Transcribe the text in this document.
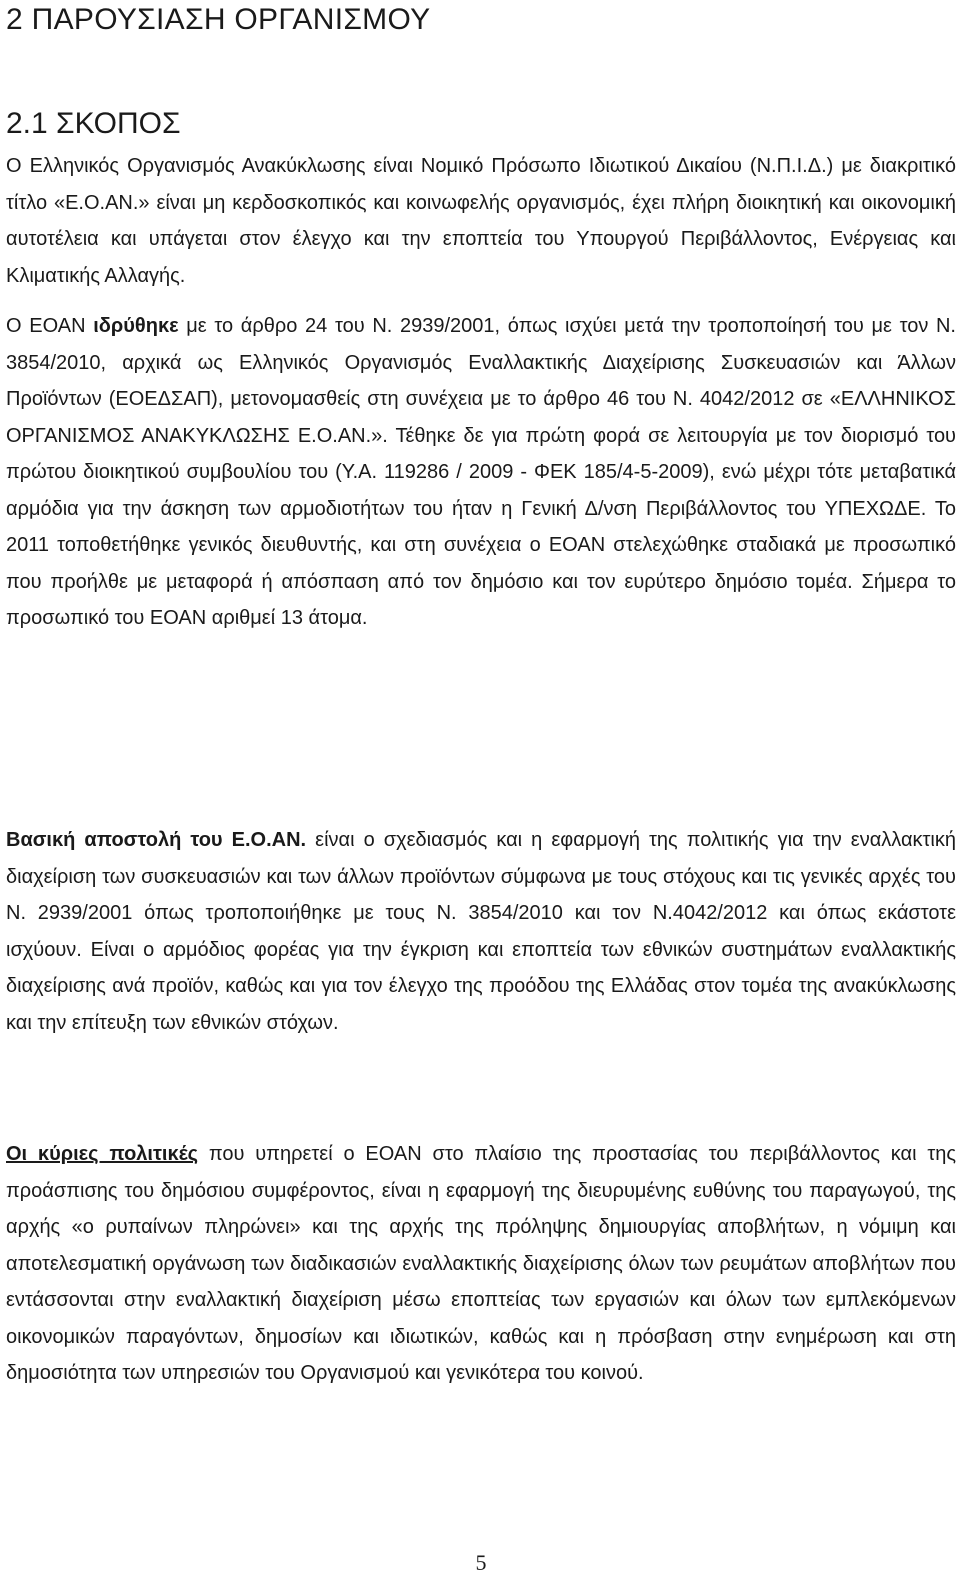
2 ΠΑΡΟΥΣΙΑΣΗ ΟΡΓΑΝΙΣΜΟΥ
2.1 ΣΚΟΠΟΣ

Ο Ελληνικός Οργανισμός Ανακύκλωσης είναι Νομικό Πρόσωπο Ιδιωτικού Δικαίου (Ν.Π.Ι.Δ.) με διακριτικό τίτλο «Ε.Ο.ΑΝ.» είναι μη κερδοσκοπικός και κοινωφελής οργανισμός, έχει πλήρη διοικητική και οικονομική αυτοτέλεια και υπάγεται στον έλεγχο και την εποπτεία του Υπουργού Περιβάλλοντος, Ενέργειας και Κλιματικής Αλλαγής.

Ο ΕΟΑΝ ιδρύθηκε με το άρθρο 24 του Ν. 2939/2001, όπως ισχύει μετά την τροποποίησή του με τον Ν. 3854/2010, αρχικά ως Ελληνικός Οργανισμός Εναλλακτικής Διαχείρισης Συσκευασιών και Άλλων Προϊόντων (ΕΟΕΔΣΑΠ), μετονομασθείς στη συνέχεια με το άρθρο 46 του Ν. 4042/2012 σε «ΕΛΛΗΝΙΚΟΣ ΟΡΓΑΝΙΣΜΟΣ ΑΝΑΚΥΚΛΩΣΗΣ Ε.Ο.ΑΝ.». Τέθηκε δε για πρώτη φορά σε λειτουργία με τον διορισμό του πρώτου διοικητικού συμβουλίου του (Υ.Α. 119286 / 2009 - ΦΕΚ 185/4-5-2009), ενώ μέχρι τότε μεταβατικά αρμόδια για την άσκηση των αρμοδιοτήτων του ήταν η Γενική Δ/νση Περιβάλλοντος του ΥΠΕΧΩΔΕ. Το 2011 τοποθετήθηκε γενικός διευθυντής, και στη συνέχεια ο ΕΟΑΝ στελεχώθηκε σταδιακά με προσωπικό που προήλθε με μεταφορά ή απόσπαση από τον δημόσιο και τον ευρύτερο δημόσιο τομέα. Σήμερα το προσωπικό του ΕΟΑΝ αριθμεί 13 άτομα.

Βασική αποστολή του Ε.Ο.ΑΝ. είναι ο σχεδιασμός και η εφαρμογή της πολιτικής για την εναλλακτική διαχείριση των συσκευασιών και των άλλων προϊόντων σύμφωνα με τους στόχους και τις γενικές αρχές του Ν. 2939/2001 όπως τροποποιήθηκε με τους Ν. 3854/2010 και τον Ν.4042/2012 και όπως εκάστοτε ισχύουν. Είναι ο αρμόδιος φορέας για την έγκριση και εποπτεία των εθνικών συστημάτων εναλλακτικής διαχείρισης ανά προϊόν, καθώς και για τον έλεγχο της προόδου της Ελλάδας στον τομέα της ανακύκλωσης και την επίτευξη των εθνικών στόχων.

Οι κύριες πολιτικές που υπηρετεί ο ΕΟΑΝ στο πλαίσιο της προστασίας του περιβάλλοντος και της προάσπισης του δημόσιου συμφέροντος, είναι η εφαρμογή της διευρυμένης ευθύνης του παραγωγού, της αρχής «ο ρυπαίνων πληρώνει» και της αρχής της πρόληψης δημιουργίας αποβλήτων, η νόμιμη και αποτελεσματική οργάνωση των διαδικασιών εναλλακτικής διαχείρισης όλων των ρευμάτων αποβλήτων που εντάσσονται στην εναλλακτική διαχείριση μέσω εποπτείας των εργασιών και όλων των εμπλεκόμενων οικονομικών παραγόντων, δημοσίων και ιδιωτικών, καθώς και η πρόσβαση στην ενημέρωση και στη δημοσιότητα των υπηρεσιών του Οργανισμού και γενικότερα του κοινού.

5
